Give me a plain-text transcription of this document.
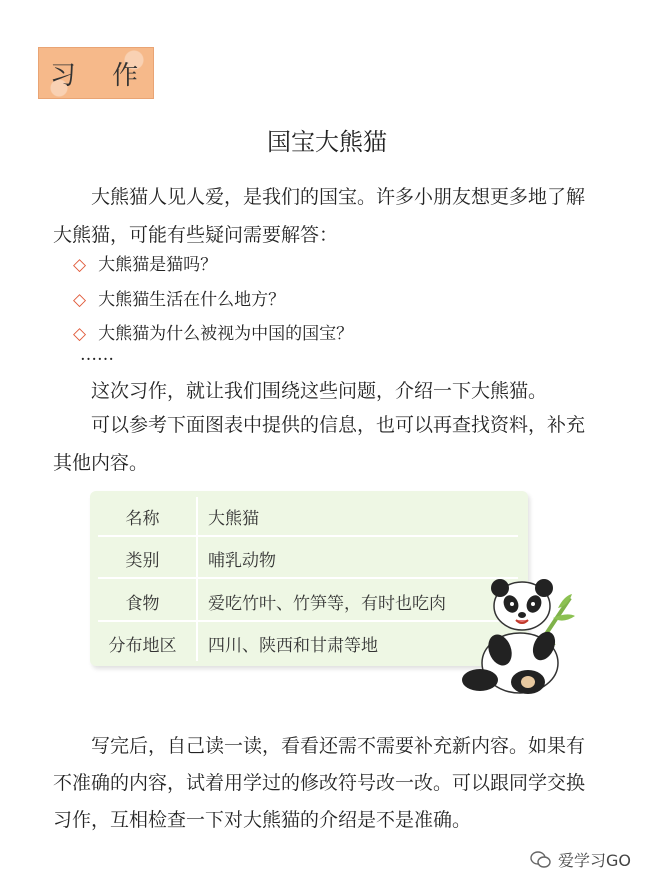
习 作
国宝大熊猫
大熊猫人见人爱，是我们的国宝。许多小朋友想更多地了解大熊猫，可能有些疑问需要解答：
◇ 大熊猫是猫吗？
◇ 大熊猫生活在什么地方？
◇ 大熊猫为什么被视为中国的国宝？
……
这次习作，就让我们围绕这些问题，介绍一下大熊猫。
可以参考下面图表中提供的信息，也可以再查找资料，补充其他内容。
名称	大熊猫
类别	哺乳动物
食物	爱吃竹叶、竹笋等，有时也吃肉
分布地区	四川、陕西和甘肃等地
写完后，自己读一读，看看还需不需要补充新内容。如果有不准确的内容，试着用学过的修改符号改一改。可以跟同学交换习作，互相检查一下对大熊猫的介绍是不是准确。
爱学习GO
